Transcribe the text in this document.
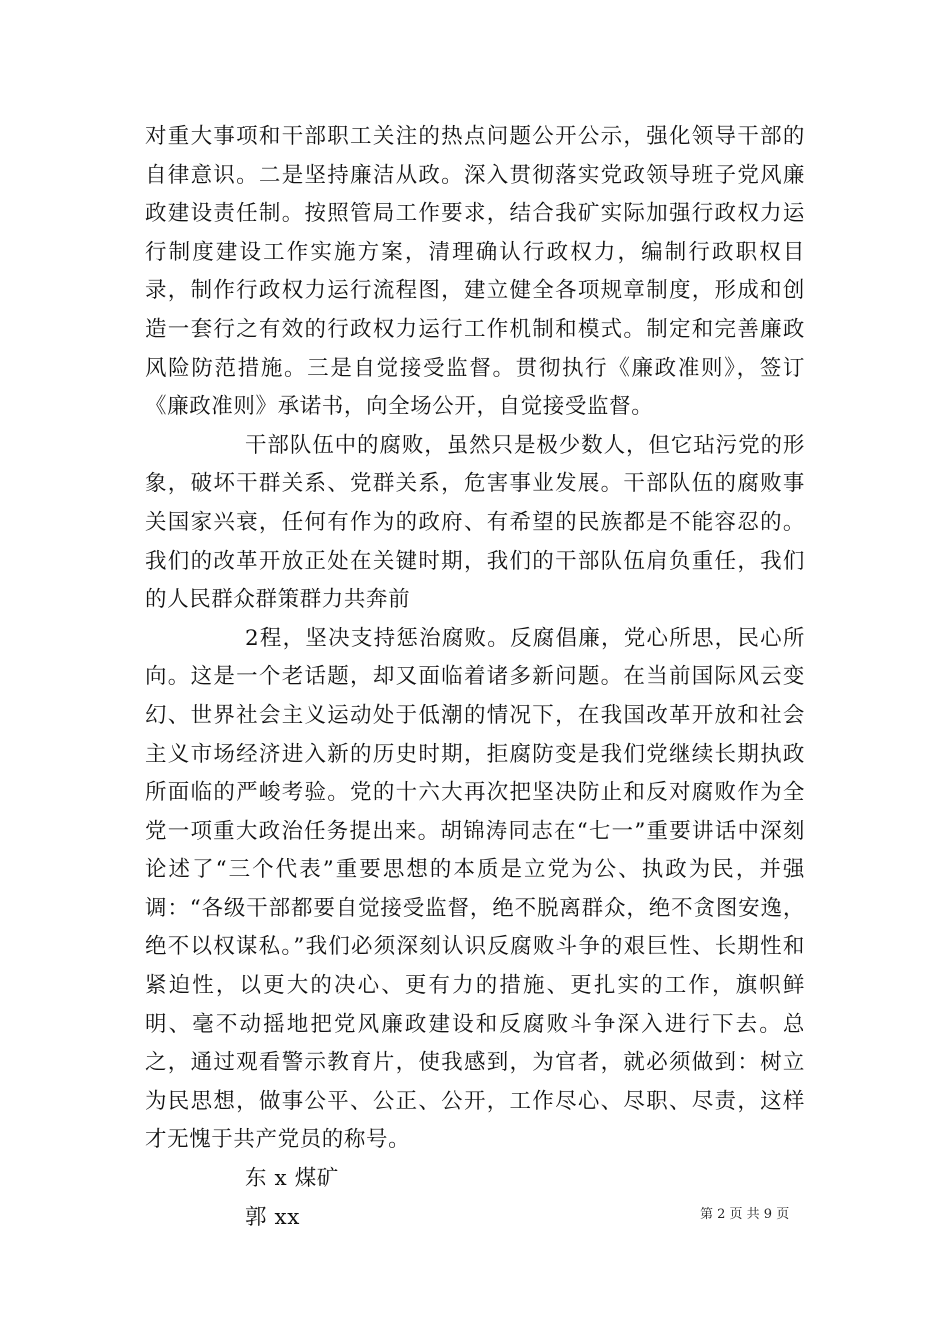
对重大事项和干部职工关注的热点问题公开公示，强化领导干部的自律意识。二是坚持廉洁从政。深入贯彻落实党政领导班子党风廉政建设责任制。按照管局工作要求，结合我矿实际加强行政权力运行制度建设工作实施方案，清理确认行政权力，编制行政职权目录，制作行政权力运行流程图，建立健全各项规章制度，形成和创造一套行之有效的行政权力运行工作机制和模式。制定和完善廉政风险防范措施。三是自觉接受监督。贯彻执行《廉政准则》，签订《廉政准则》承诺书，向全场公开，自觉接受监督。

干部队伍中的腐败，虽然只是极少数人，但它玷污党的形象，破坏干群关系、党群关系，危害事业发展。干部队伍的腐败事关国家兴衰，任何有作为的政府、有希望的民族都是不能容忍的。我们的改革开放正处在关键时期，我们的干部队伍肩负重任，我们的人民群众群策群力共奔前

2程，坚决支持惩治腐败。反腐倡廉，党心所思，民心所向。这是一个老话题，却又面临着诸多新问题。在当前国际风云变幻、世界社会主义运动处于低潮的情况下，在我国改革开放和社会主义市场经济进入新的历史时期，拒腐防变是我们党继续长期执政所面临的严峻考验。党的十六大再次把坚决防止和反对腐败作为全党一项重大政治任务提出来。胡锦涛同志在“七一”重要讲话中深刻论述了“三个代表”重要思想的本质是立党为公、执政为民，并强调：“各级干部都要自觉接受监督，绝不脱离群众，绝不贪图安逸，绝不以权谋私。”我们必须深刻认识反腐败斗争的艰巨性、长期性和紧迫性，以更大的决心、更有力的措施、更扎实的工作，旗帜鲜明、毫不动摇地把党风廉政建设和反腐败斗争深入进行下去。总之，通过观看警示教育片，使我感到，为官者，就必须做到：树立为民思想，做事公平、公正、公开，工作尽心、尽职、尽责，这样才无愧于共产党员的称号。

东 x 煤矿

郭 xx	第 2 页 共 9 页
